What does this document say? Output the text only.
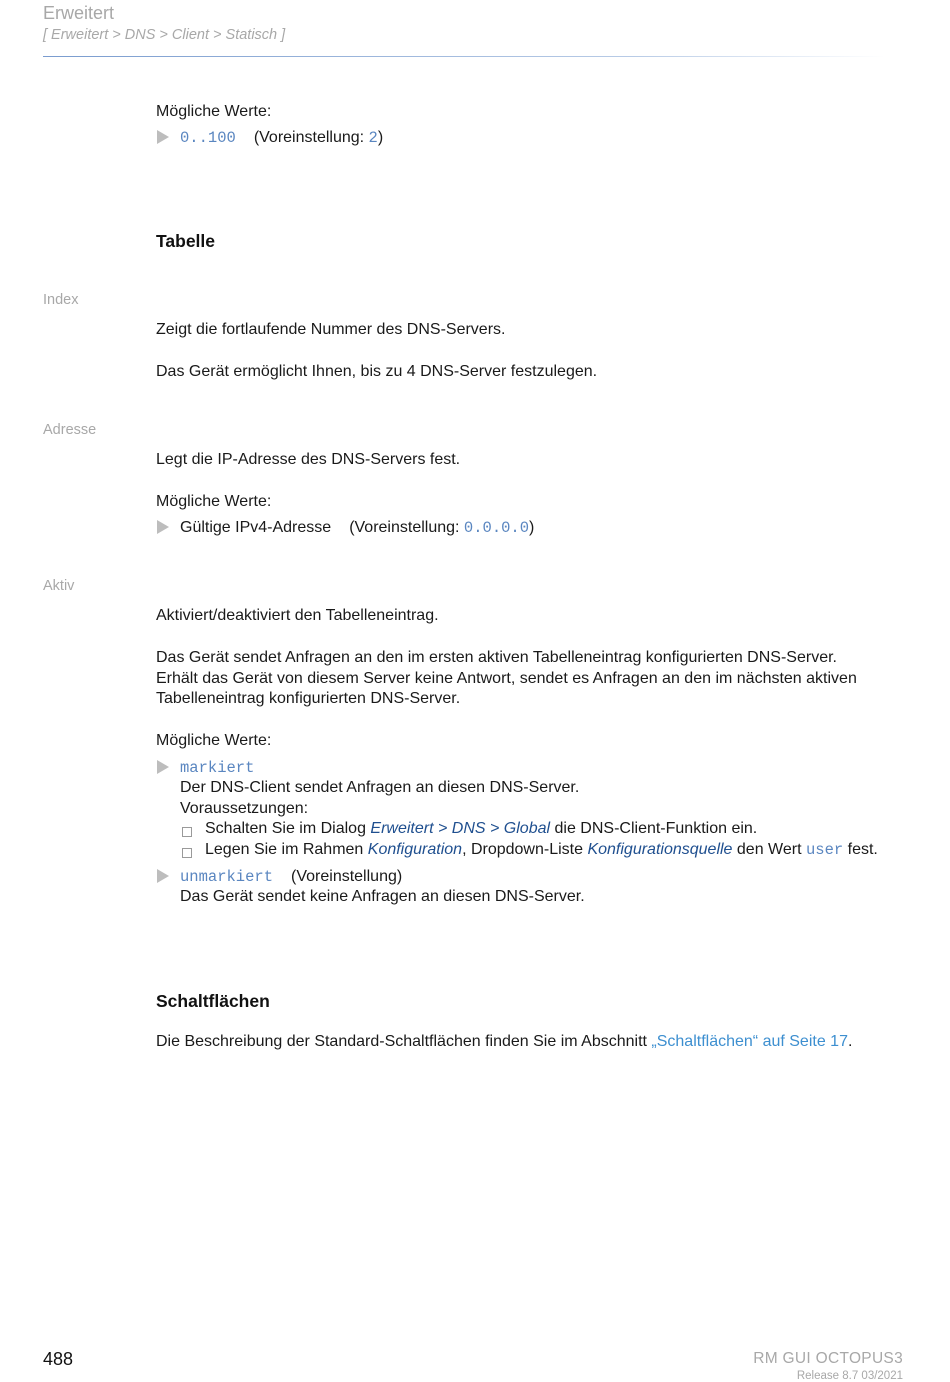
Erweitert
[ Erweitert > DNS > Client > Statisch ]
Mögliche Werte:
0..100 (Voreinstellung: 2)
Tabelle
Index
Zeigt die fortlaufende Nummer des DNS-Servers.
Das Gerät ermöglicht Ihnen, bis zu 4 DNS-Server festzulegen.
Adresse
Legt die IP-Adresse des DNS-Servers fest.
Mögliche Werte:
Gültige IPv4-Adresse (Voreinstellung: 0.0.0.0)
Aktiv
Aktiviert/deaktiviert den Tabelleneintrag.
Das Gerät sendet Anfragen an den im ersten aktiven Tabelleneintrag konfigurierten DNS-Server.
Erhält das Gerät von diesem Server keine Antwort, sendet es Anfragen an den im nächsten aktiven
Tabelleneintrag konfigurierten DNS-Server.
Mögliche Werte:
markiert
Der DNS-Client sendet Anfragen an diesen DNS-Server.
Voraussetzungen:
Schalten Sie im Dialog Erweitert > DNS > Global die DNS-Client-Funktion ein.
Legen Sie im Rahmen Konfiguration, Dropdown-Liste Konfigurationsquelle den Wert user fest.
unmarkiert (Voreinstellung)
Das Gerät sendet keine Anfragen an diesen DNS-Server.
Schaltflächen
Die Beschreibung der Standard-Schaltflächen finden Sie im Abschnitt „Schaltflächen“ auf Seite 17.
488	RM GUI OCTOPUS3
Release 8.7 03/2021
